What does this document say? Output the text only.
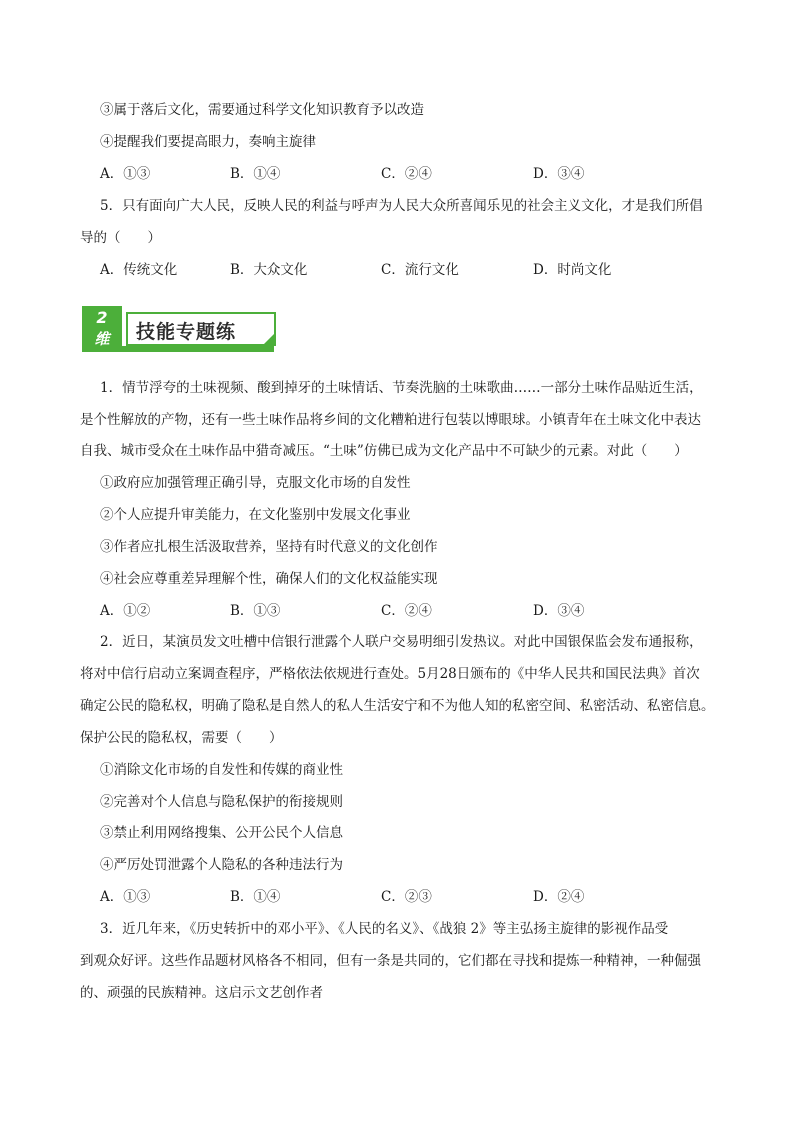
③属于落后文化，需要通过科学文化知识教育予以改造
④提醒我们要提高眼力，奏响主旋律
A．①③	B．①④	C．②④	D．③④
5．只有面向广大人民，反映人民的利益与呼声为人民大众所喜闻乐见的社会主义文化，才是我们所倡
导的（　　）
A．传统文化	B．大众文化	C．流行文化	D．时尚文化
2
维	技能专题练
1．情节浮夸的土味视频、酸到掉牙的土味情话、节奏洗脑的土味歌曲……一部分土味作品贴近生活，
是个性解放的产物，还有一些土味作品将乡间的文化糟粕进行包装以博眼球。小镇青年在土味文化中表达
自我、城市受众在土味作品中猎奇减压。“土味”仿佛已成为文化产品中不可缺少的元素。对此（　　）
①政府应加强管理正确引导，克服文化市场的自发性
②个人应提升审美能力，在文化鉴别中发展文化事业
③作者应扎根生活汲取营养，坚持有时代意义的文化创作
④社会应尊重差异理解个性，确保人们的文化权益能实现
A．①②	B．①③	C．②④	D．③④
2．近日，某演员发文吐槽中信银行泄露个人联户交易明细引发热议。对此中国银保监会发布通报称，
将对中信行启动立案调查程序，严格依法依规进行查处。5月28日颁布的《中华人民共和国民法典》首次
确定公民的隐私权，明确了隐私是自然人的私人生活安宁和不为他人知的私密空间、私密活动、私密信息。
保护公民的隐私权，需要（　　）
①消除文化市场的自发性和传媒的商业性
②完善对个人信息与隐私保护的衔接规则
③禁止利用网络搜集、公开公民个人信息
④严厉处罚泄露个人隐私的各种违法行为
A．①③	B．①④	C．②③	D．②④
3．近几年来，《历史转折中的邓小平》、《人民的名义》、《战狼 2》等主弘扬主旋律的影视作品受
到观众好评。这些作品题材风格各不相同，但有一条是共同的，它们都在寻找和提炼一种精神，一种倔强
的、顽强的民族精神。这启示文艺创作者
